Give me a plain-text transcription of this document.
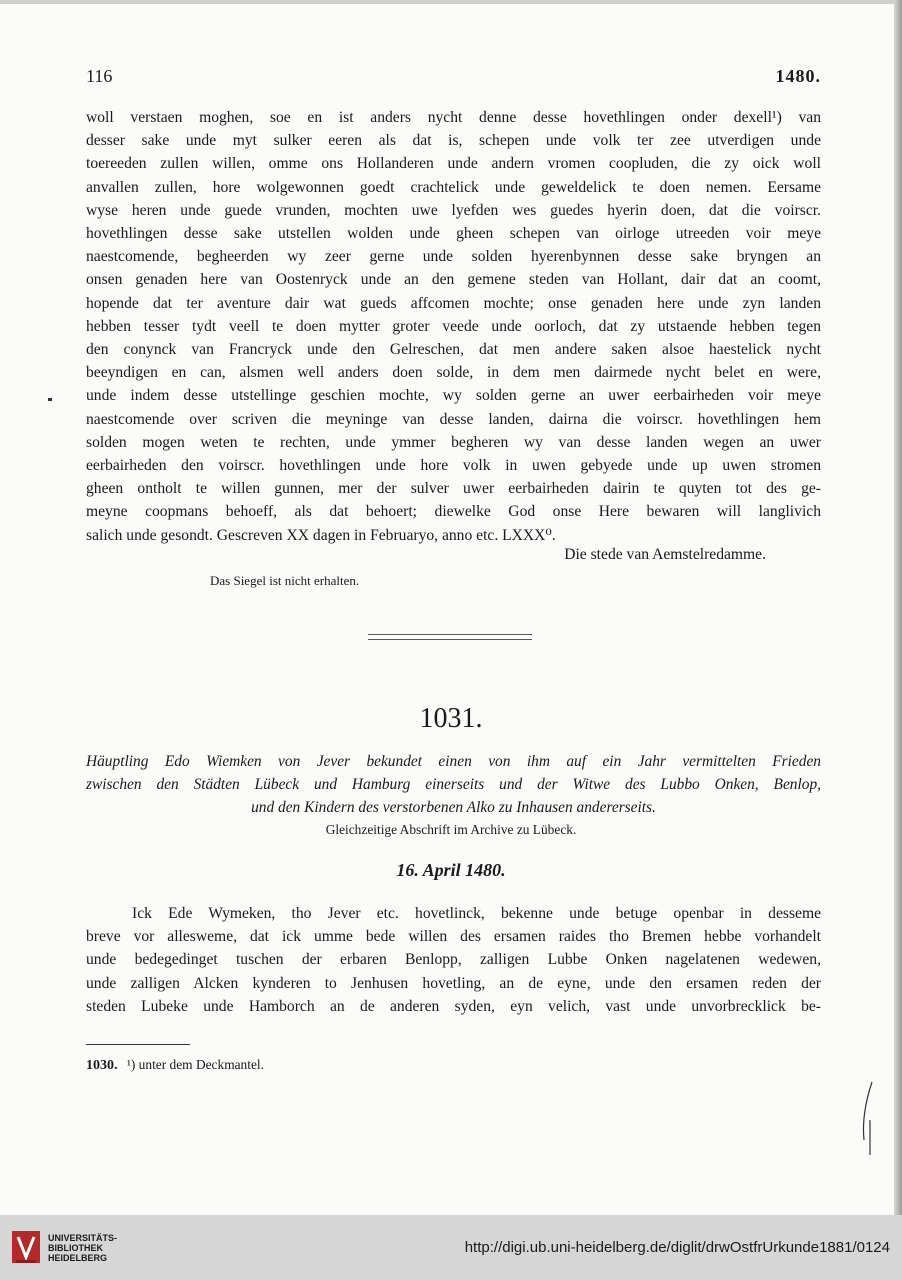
116	1480.
woll verstaen moghen, soe en ist anders nycht denne desse hovethlingen onder dexell¹) van
desser sake unde myt sulker eeren als dat is, schepen unde volk ter zee utverdigen unde
toereeden zullen willen, omme ons Hollanderen unde andern vromen coopluden, die zy oick woll
anvallen zullen, hore wolgewonnen goedt crachtelick unde geweldelick te doen nemen. Eersame
wyse heren unde guede vrunden, mochten uwe lyefden wes guedes hyerin doen, dat die voirscr.
hovethlingen desse sake utstellen wolden unde gheen schepen van oirloge utreeden voir meye
naestcomende, begheerden wy zeer gerne unde solden hyerenbynnen desse sake bryngen an
onsen genaden here van Oostenryck unde an den gemene steden van Hollant, dair dat an coomt,
hopende dat ter aventure dair wat gueds affcomen mochte; onse genaden here unde zyn landen
hebben tesser tydt veell te doen mytter groter veede unde oorloch, dat zy utstaende hebben tegen
den conynck van Francryck unde den Gelreschen, dat men andere saken alsoe haestelick nycht
beeyndigen en can, alsmen well anders doen solde, in dem men dairmede nycht belet en were,
unde indem desse utstellinge geschien mochte, wy solden gerne an uwer eerbairheden voir meye
naestcomende over scriven die meyninge van desse landen, dairna die voirscr. hovethlingen hem
solden mogen weten te rechten, unde ymmer begheren wy van desse landen wegen an uwer
eerbairheden den voirscr. hovethlingen unde hore volk in uwen gebyede unde up uwen stromen
gheen ontholt te willen gunnen, mer der sulver uwer eerbairheden dairin te quyten tot des ge-
meyne coopmans behoeff, als dat behoert; diewelke God onse Here bewaren will langlivich
salich unde gesondt. Gescreven XX dagen in Februaryo, anno etc. LXXX⁰.
Die stede van Aemstelredamme.
Das Siegel ist nicht erhalten.
1031.
Häuptling Edo Wiemken von Jever bekundet einen von ihm auf ein Jahr vermittelten Frieden
zwischen den Städten Lübeck und Hamburg einerseits und der Witwe des Lubbo Onken, Benlop,
und den Kindern des verstorbenen Alko zu Inhausen andererseits.
Gleichzeitige Abschrift im Archive zu Lübeck.
16. April 1480.
Ick Ede Wymeken, tho Jever etc. hovetlinck, bekenne unde betuge openbar in desseme
breve vor allesweme, dat ick umme bede willen des ersamen raides tho Bremen hebbe vorhandelt
unde bedegedinget tuschen der erbaren Benlopp, zalligen Lubbe Onken nagelatenen wedewen,
unde zalligen Alcken kynderen to Jenhusen hovetling, an de eyne, unde den ersamen reden der
steden Lubeke unde Hamborch an de anderen syden, eyn velich, vast unde unvorbrecklick be-
1030. ¹) unter dem Deckmantel.
UNIVERSITÄTS-
BIBLIOTHEK
HEIDELBERG
http://digi.ub.uni-heidelberg.de/diglit/drwOstfrUrkunde1881/0124
